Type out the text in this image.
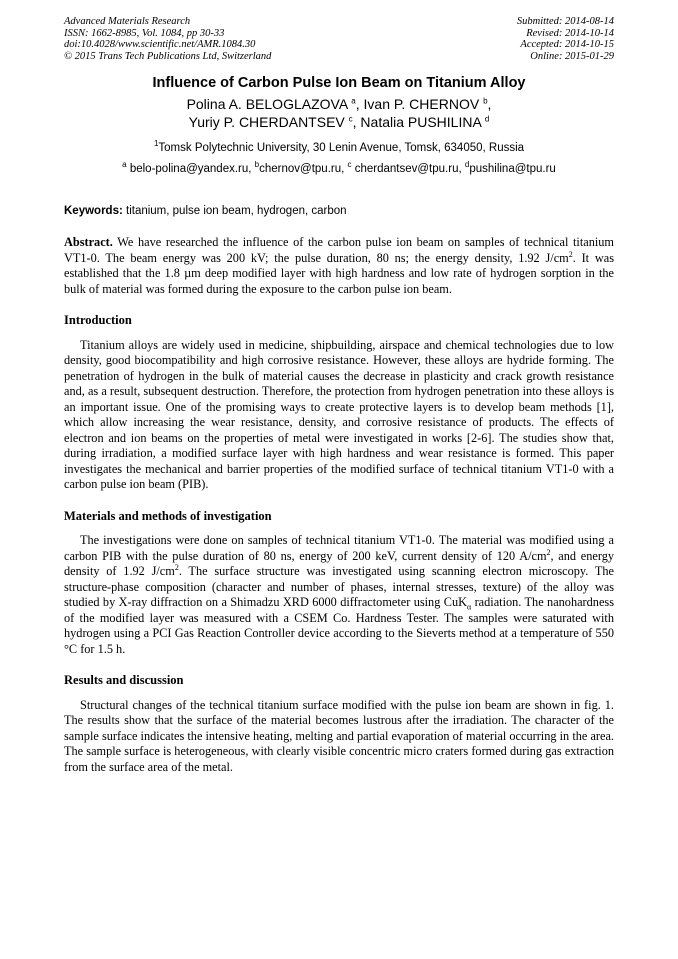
Advanced Materials Research
ISSN: 1662-8985, Vol. 1084, pp 30-33
doi:10.4028/www.scientific.net/AMR.1084.30
© 2015 Trans Tech Publications Ltd, Switzerland
Submitted: 2014-08-14
Revised: 2014-10-14
Accepted: 2014-10-15
Online: 2015-01-29
Influence of Carbon Pulse Ion Beam on Titanium Alloy
Polina A. BELOGLAZOVA $^a$, Ivan P. CHERNOV $^b$,
Yuriy P. CHERDANTSEV $^c$, Natalia PUSHILINA $^d$
$^1$Tomsk Polytechnic University, 30 Lenin Avenue, Tomsk, 634050, Russia
$^a$ belo-polina@yandex.ru, $^b$chernov@tpu.ru, $^c$ cherdantsev@tpu.ru, $^d$pushilina@tpu.ru
Keywords: titanium, pulse ion beam, hydrogen, carbon
Abstract. We have researched the influence of the carbon pulse ion beam on samples of technical titanium VT1-0. The beam energy was 200 kV; the pulse duration, 80 ns; the energy density, 1.92 $J/cm^2$. It was established that the 1.8 µm deep modified layer with high hardness and low rate of hydrogen sorption in the bulk of material was formed during the exposure to the carbon pulse ion beam.
Introduction
Titanium alloys are widely used in medicine, shipbuilding, airspace and chemical technologies due to low density, good biocompatibility and high corrosive resistance. However, these alloys are hydride forming. The penetration of hydrogen in the bulk of material causes the decrease in plasticity and crack growth resistance and, as a result, subsequent destruction. Therefore, the protection from hydrogen penetration into these alloys is an important issue. One of the promising ways to create protective layers is to develop beam methods [1], which allow increasing the wear resistance, density, and corrosive resistance of products. The effects of electron and ion beams on the properties of metal were investigated in works [2-6]. The studies show that, during irradiation, a modified surface layer with high hardness and wear resistance is formed. This paper investigates the mechanical and barrier properties of the modified surface of technical titanium VT1-0 with a carbon pulse ion beam (PIB).
Materials and methods of investigation
The investigations were done on samples of technical titanium VT1-0. The material was modified using a carbon PIB with the pulse duration of 80 ns, energy of 200 keV, current density of 120 $A/cm^2$, and energy density of 1.92 $J/cm^2$. The surface structure was investigated using scanning electron microscopy. The structure-phase composition (character and number of phases, internal stresses, texture) of the alloy was studied by X-ray diffraction on a Shimadzu XRD 6000 diffractometer using CuK$_\alpha$ radiation. The nanohardness of the modified layer was measured with a CSEM Co. Hardness Tester. The samples were saturated with hydrogen using a PCI Gas Reaction Controller device according to the Sieverts method at a temperature of 550 °C for 1.5 h.
Results and discussion
Structural changes of the technical titanium surface modified with the pulse ion beam are shown in fig. 1. The results show that the surface of the material becomes lustrous after the irradiation. The character of the sample surface indicates the intensive heating, melting and partial evaporation of material occurring in the area. The sample surface is heterogeneous, with clearly visible concentric micro craters formed during gas extraction from the surface area of the metal.
